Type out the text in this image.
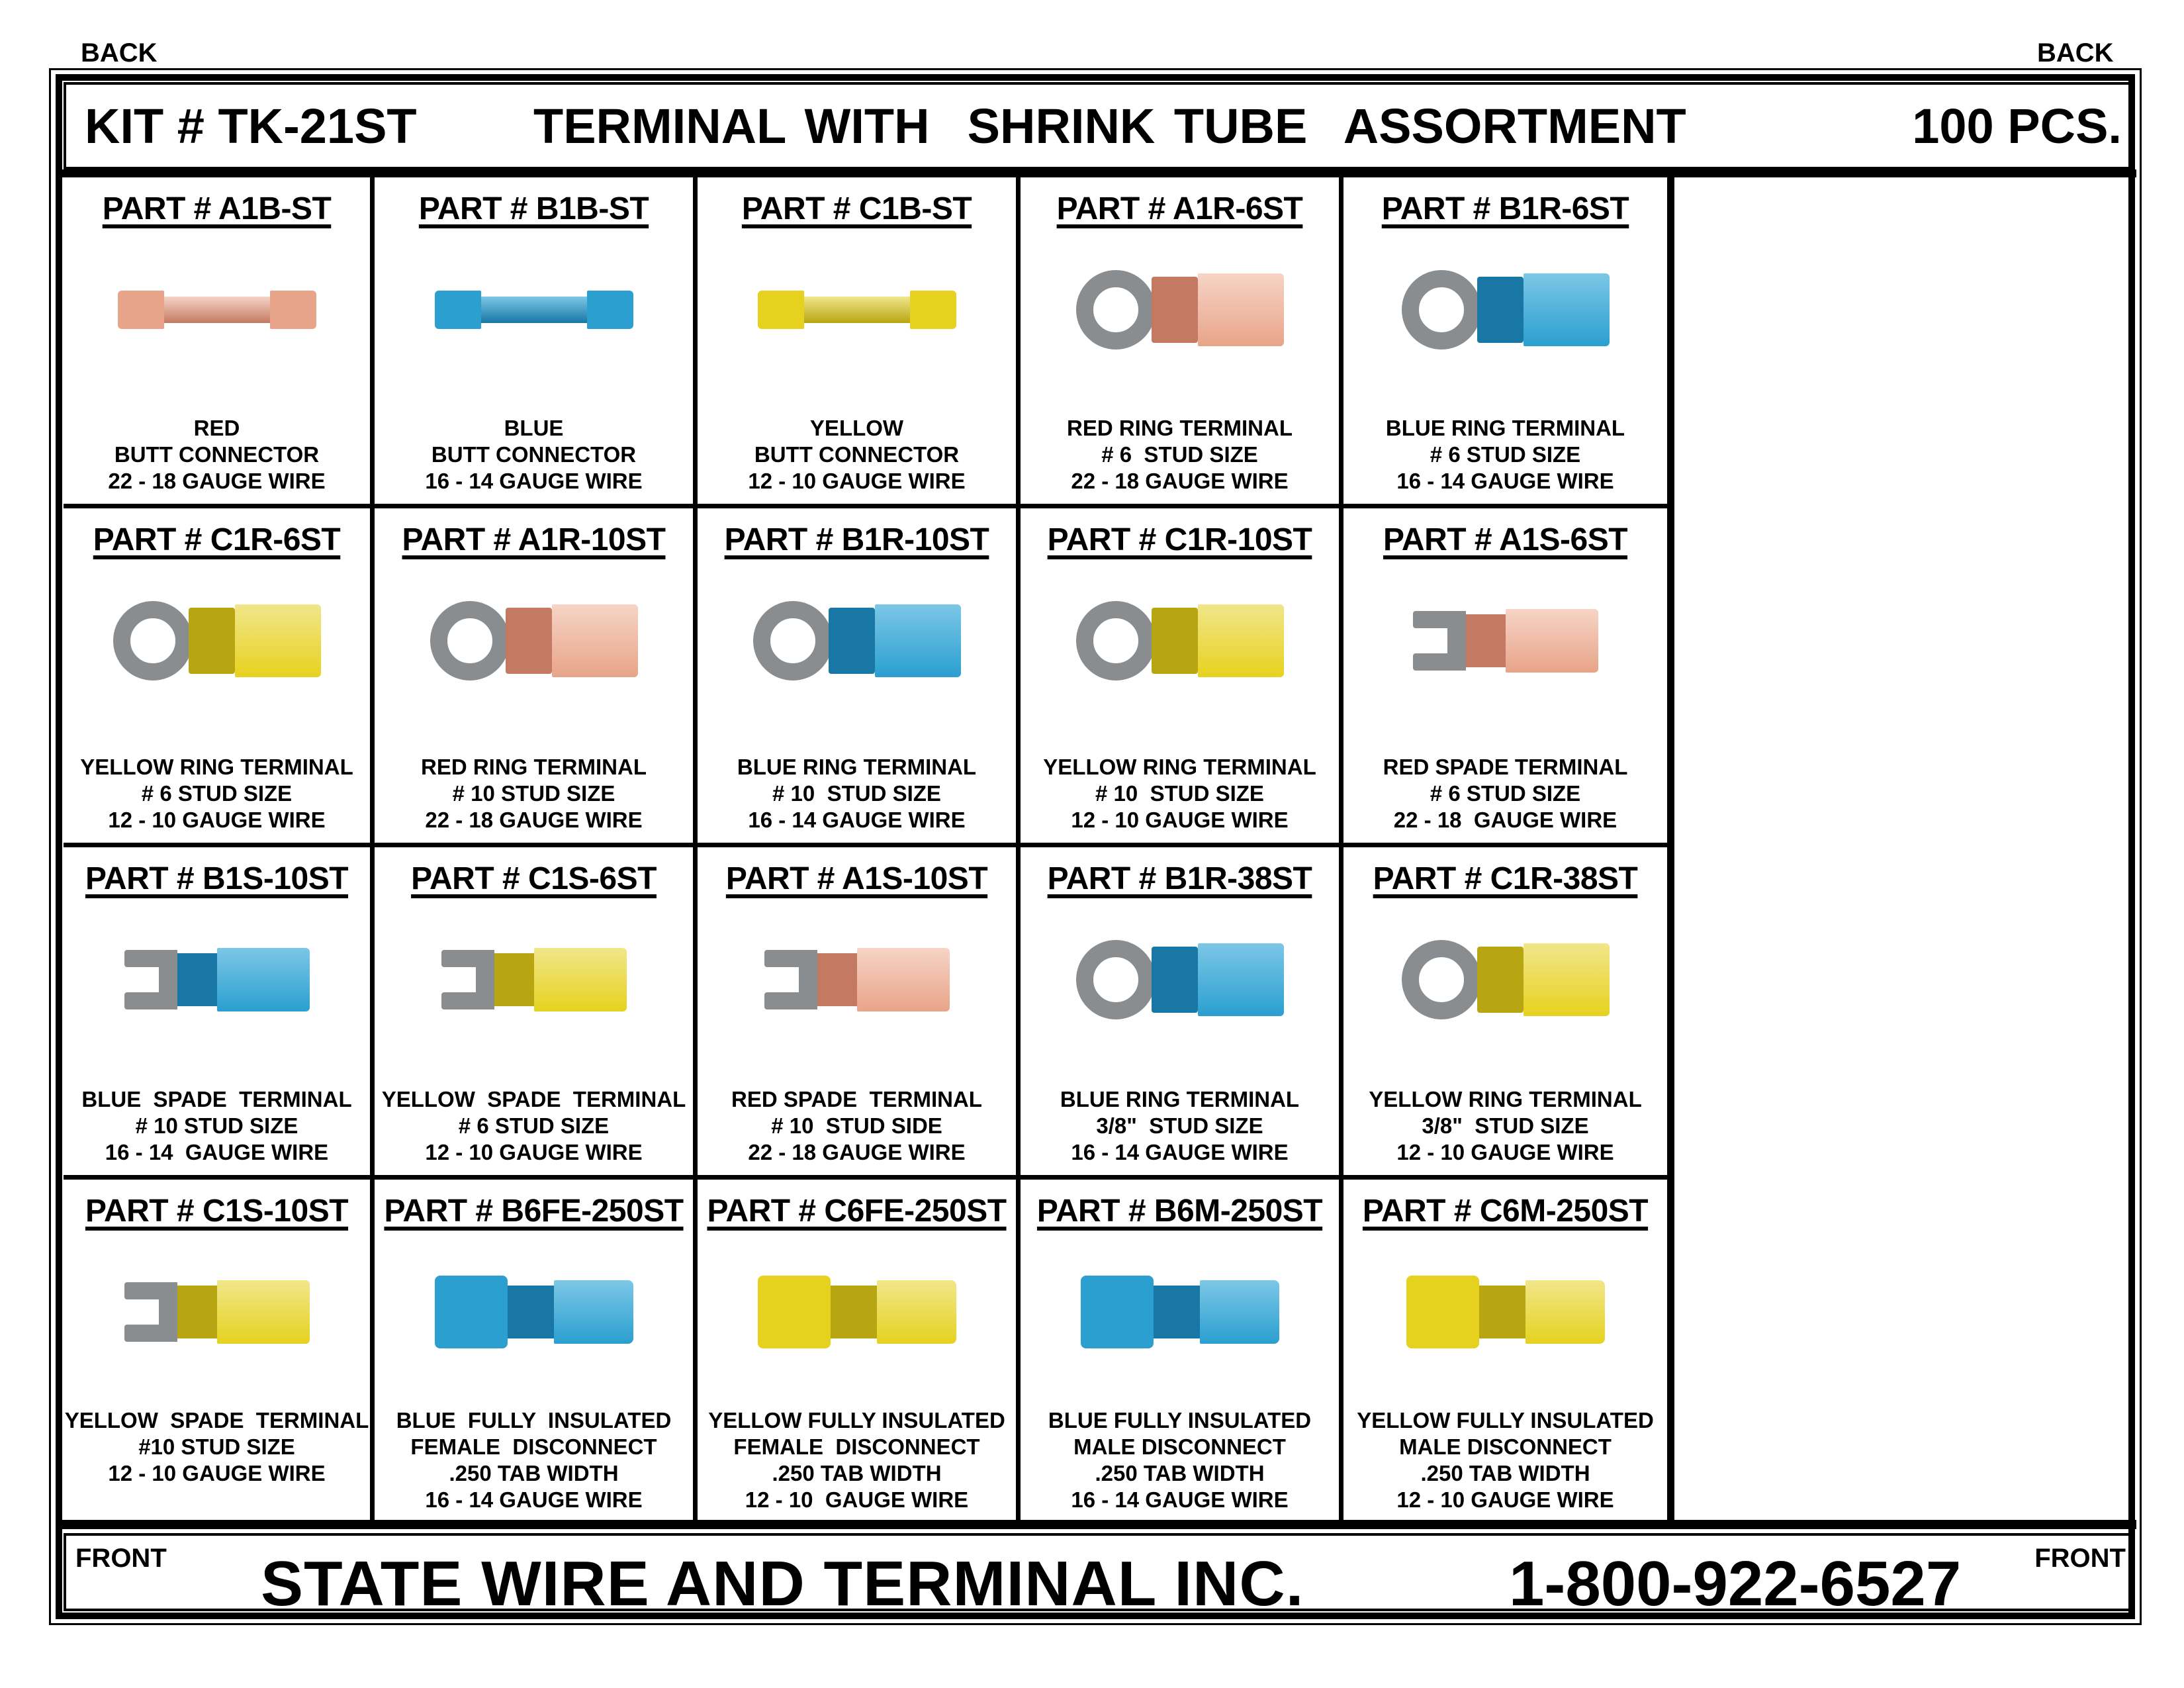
BACK	BACK
KIT # TK-21ST TERMINAL WITH  SHRINK TUBE  ASSORTMENT	100 PCS.
PART # A1B-ST
RED
BUTT CONNECTOR
22 - 18 GAUGE WIRE
PART # B1B-ST
BLUE
BUTT CONNECTOR
16 - 14 GAUGE WIRE
PART # C1B-ST
YELLOW
BUTT CONNECTOR
12 - 10 GAUGE WIRE
PART # A1R-6ST
RED RING TERMINAL
# 6  STUD SIZE
22 - 18 GAUGE WIRE
PART # B1R-6ST
BLUE RING TERMINAL
# 6 STUD SIZE
16 - 14 GAUGE WIRE
PART # C1R-6ST
YELLOW RING TERMINAL
# 6 STUD SIZE
12 - 10 GAUGE WIRE
PART # A1R-10ST
RED RING TERMINAL
# 10 STUD SIZE
22 - 18 GAUGE WIRE
PART # B1R-10ST
BLUE RING TERMINAL
# 10  STUD SIZE
16 - 14 GAUGE WIRE
PART # C1R-10ST
YELLOW RING TERMINAL
# 10  STUD SIZE
12 - 10 GAUGE WIRE
PART # A1S-6ST
RED SPADE TERMINAL
# 6 STUD SIZE
22 - 18  GAUGE WIRE
PART # B1S-10ST
BLUE  SPADE  TERMINAL
# 10 STUD SIZE
16 - 14  GAUGE WIRE
PART # C1S-6ST
YELLOW  SPADE  TERMINAL
# 6 STUD SIZE
12 - 10 GAUGE WIRE
PART # A1S-10ST
RED SPADE  TERMINAL
# 10  STUD SIDE
22 - 18 GAUGE WIRE
PART # B1R-38ST
BLUE RING TERMINAL
3/8"  STUD SIZE
16 - 14 GAUGE WIRE
PART # C1R-38ST
YELLOW RING TERMINAL
3/8"  STUD SIZE
12 - 10 GAUGE WIRE
PART # C1S-10ST
YELLOW  SPADE  TERMINAL
#10 STUD SIZE
12 - 10 GAUGE WIRE
PART # B6FE-250ST
BLUE  FULLY  INSULATED
FEMALE  DISCONNECT
.250 TAB WIDTH
16 - 14 GAUGE WIRE
PART # C6FE-250ST
YELLOW FULLY INSULATED
FEMALE  DISCONNECT
.250 TAB WIDTH
12 - 10  GAUGE WIRE
PART # B6M-250ST
BLUE FULLY INSULATED
MALE DISCONNECT
.250 TAB WIDTH
16 - 14 GAUGE WIRE
PART # C6M-250ST
YELLOW FULLY INSULATED
MALE DISCONNECT
.250 TAB WIDTH
12 - 10 GAUGE WIRE
FRONT STATE WIRE AND TERMINAL INC.	1-800-922-6527	FRONT
